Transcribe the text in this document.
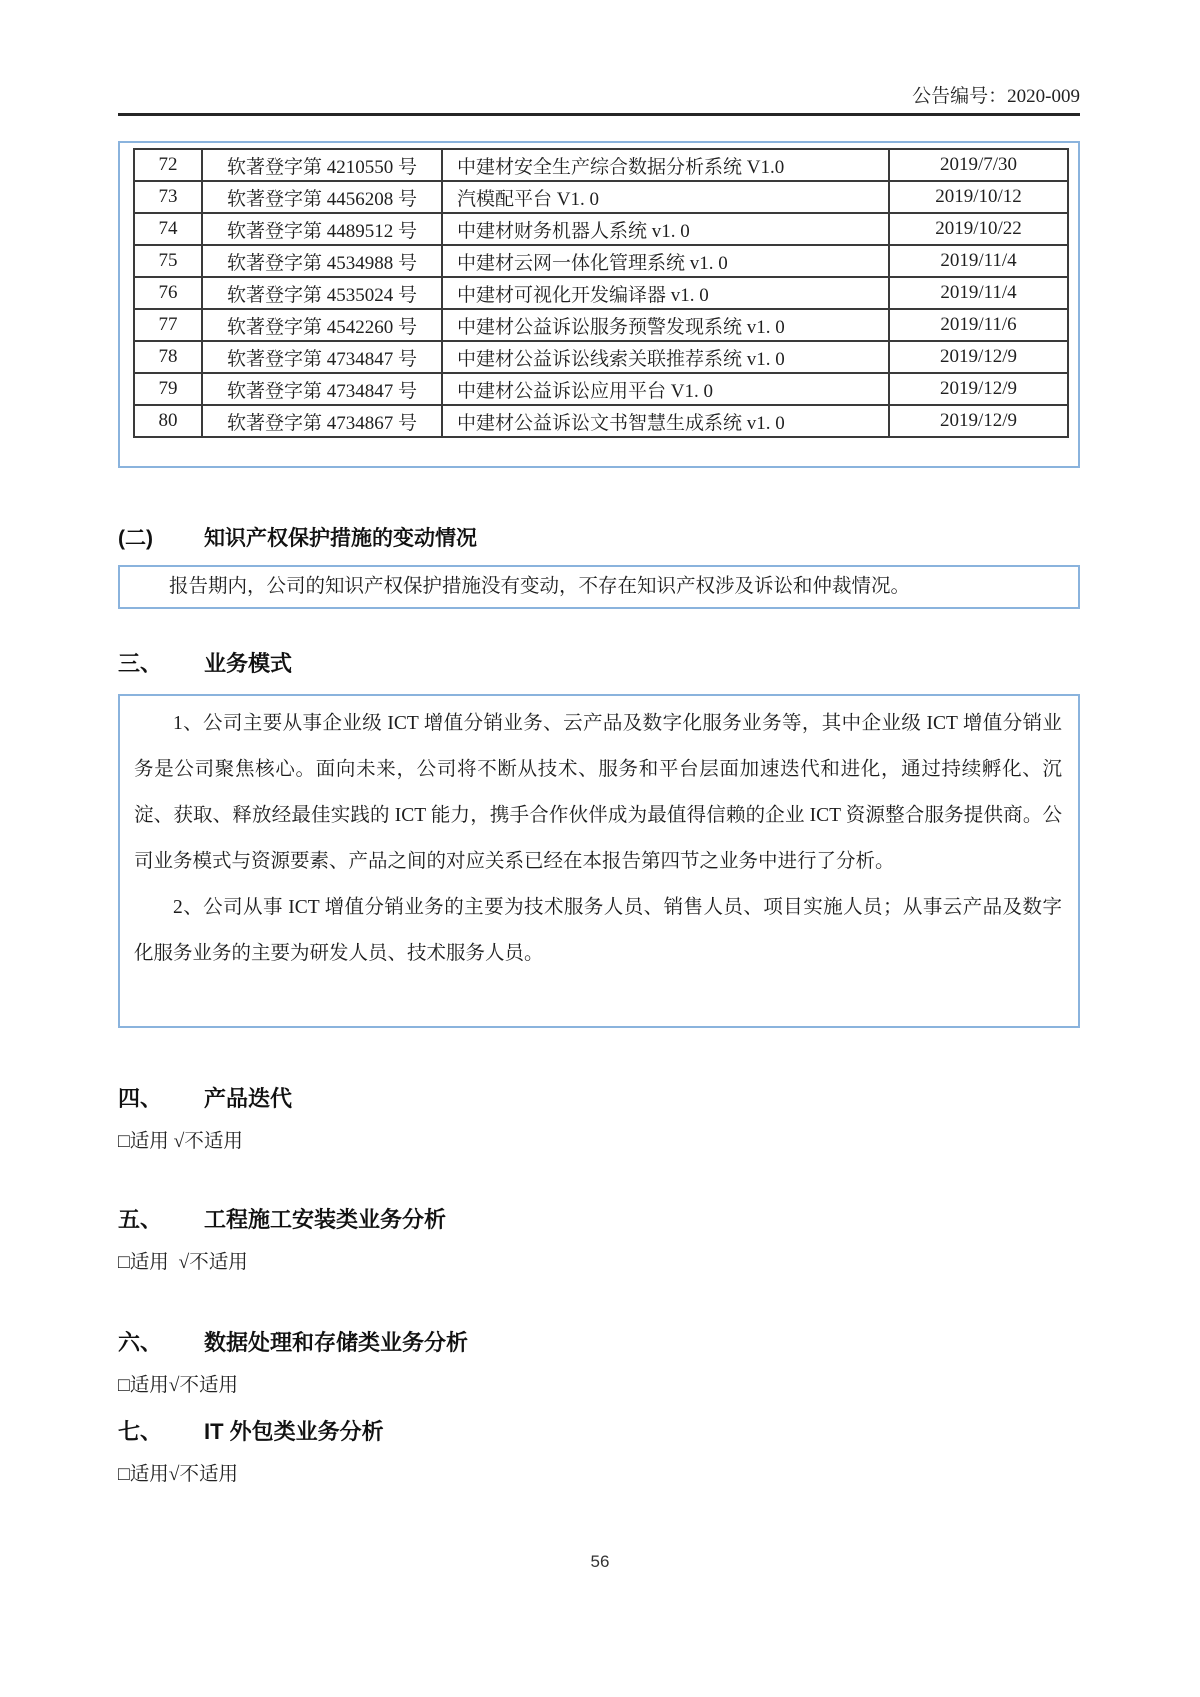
公告编号：2020-009
72	软著登字第 4210550 号	中建材安全生产综合数据分析系统 V1.0	2019/7/30
73	软著登字第 4456208 号	汽模配平台 V1. 0	2019/10/12
74	软著登字第 4489512 号	中建材财务机器人系统 v1. 0	2019/10/22
75	软著登字第 4534988 号	中建材云网一体化管理系统 v1. 0	2019/11/4
76	软著登字第 4535024 号	中建材可视化开发编译器 v1. 0	2019/11/4
77	软著登字第 4542260 号	中建材公益诉讼服务预警发现系统 v1. 0	2019/11/6
78	软著登字第 4734847 号	中建材公益诉讼线索关联推荐系统 v1. 0	2019/12/9
79	软著登字第 4734847 号	中建材公益诉讼应用平台 V1. 0	2019/12/9
80	软著登字第 4734867 号	中建材公益诉讼文书智慧生成系统 v1. 0	2019/12/9
(二)	知识产权保护措施的变动情况
报告期内，公司的知识产权保护措施没有变动，不存在知识产权涉及诉讼和仲裁情况。
三、	业务模式

1、公司主要从事企业级 ICT 增值分销业务、云产品及数字化服务业务等，其中企业级 ICT 增值分销业务是公司聚焦核心。面向未来，公司将不断从技术、服务和平台层面加速迭代和进化，通过持续孵化、沉淀、获取、释放经最佳实践的 ICT 能力，携手合作伙伴成为最值得信赖的企业 ICT 资源整合服务提供商。公司业务模式与资源要素、产品之间的对应关系已经在本报告第四节之业务中进行了分析。

2、公司从事 ICT 增值分销业务的主要为技术服务人员、销售人员、项目实施人员；从事云产品及数字化服务业务的主要为研发人员、技术服务人员。

四、	产品迭代
□适用 √不适用
五、	工程施工安装类业务分析
□适用  √不适用
六、	数据处理和存储类业务分析
□适用√不适用
七、	IT 外包类业务分析
□适用√不适用
56
